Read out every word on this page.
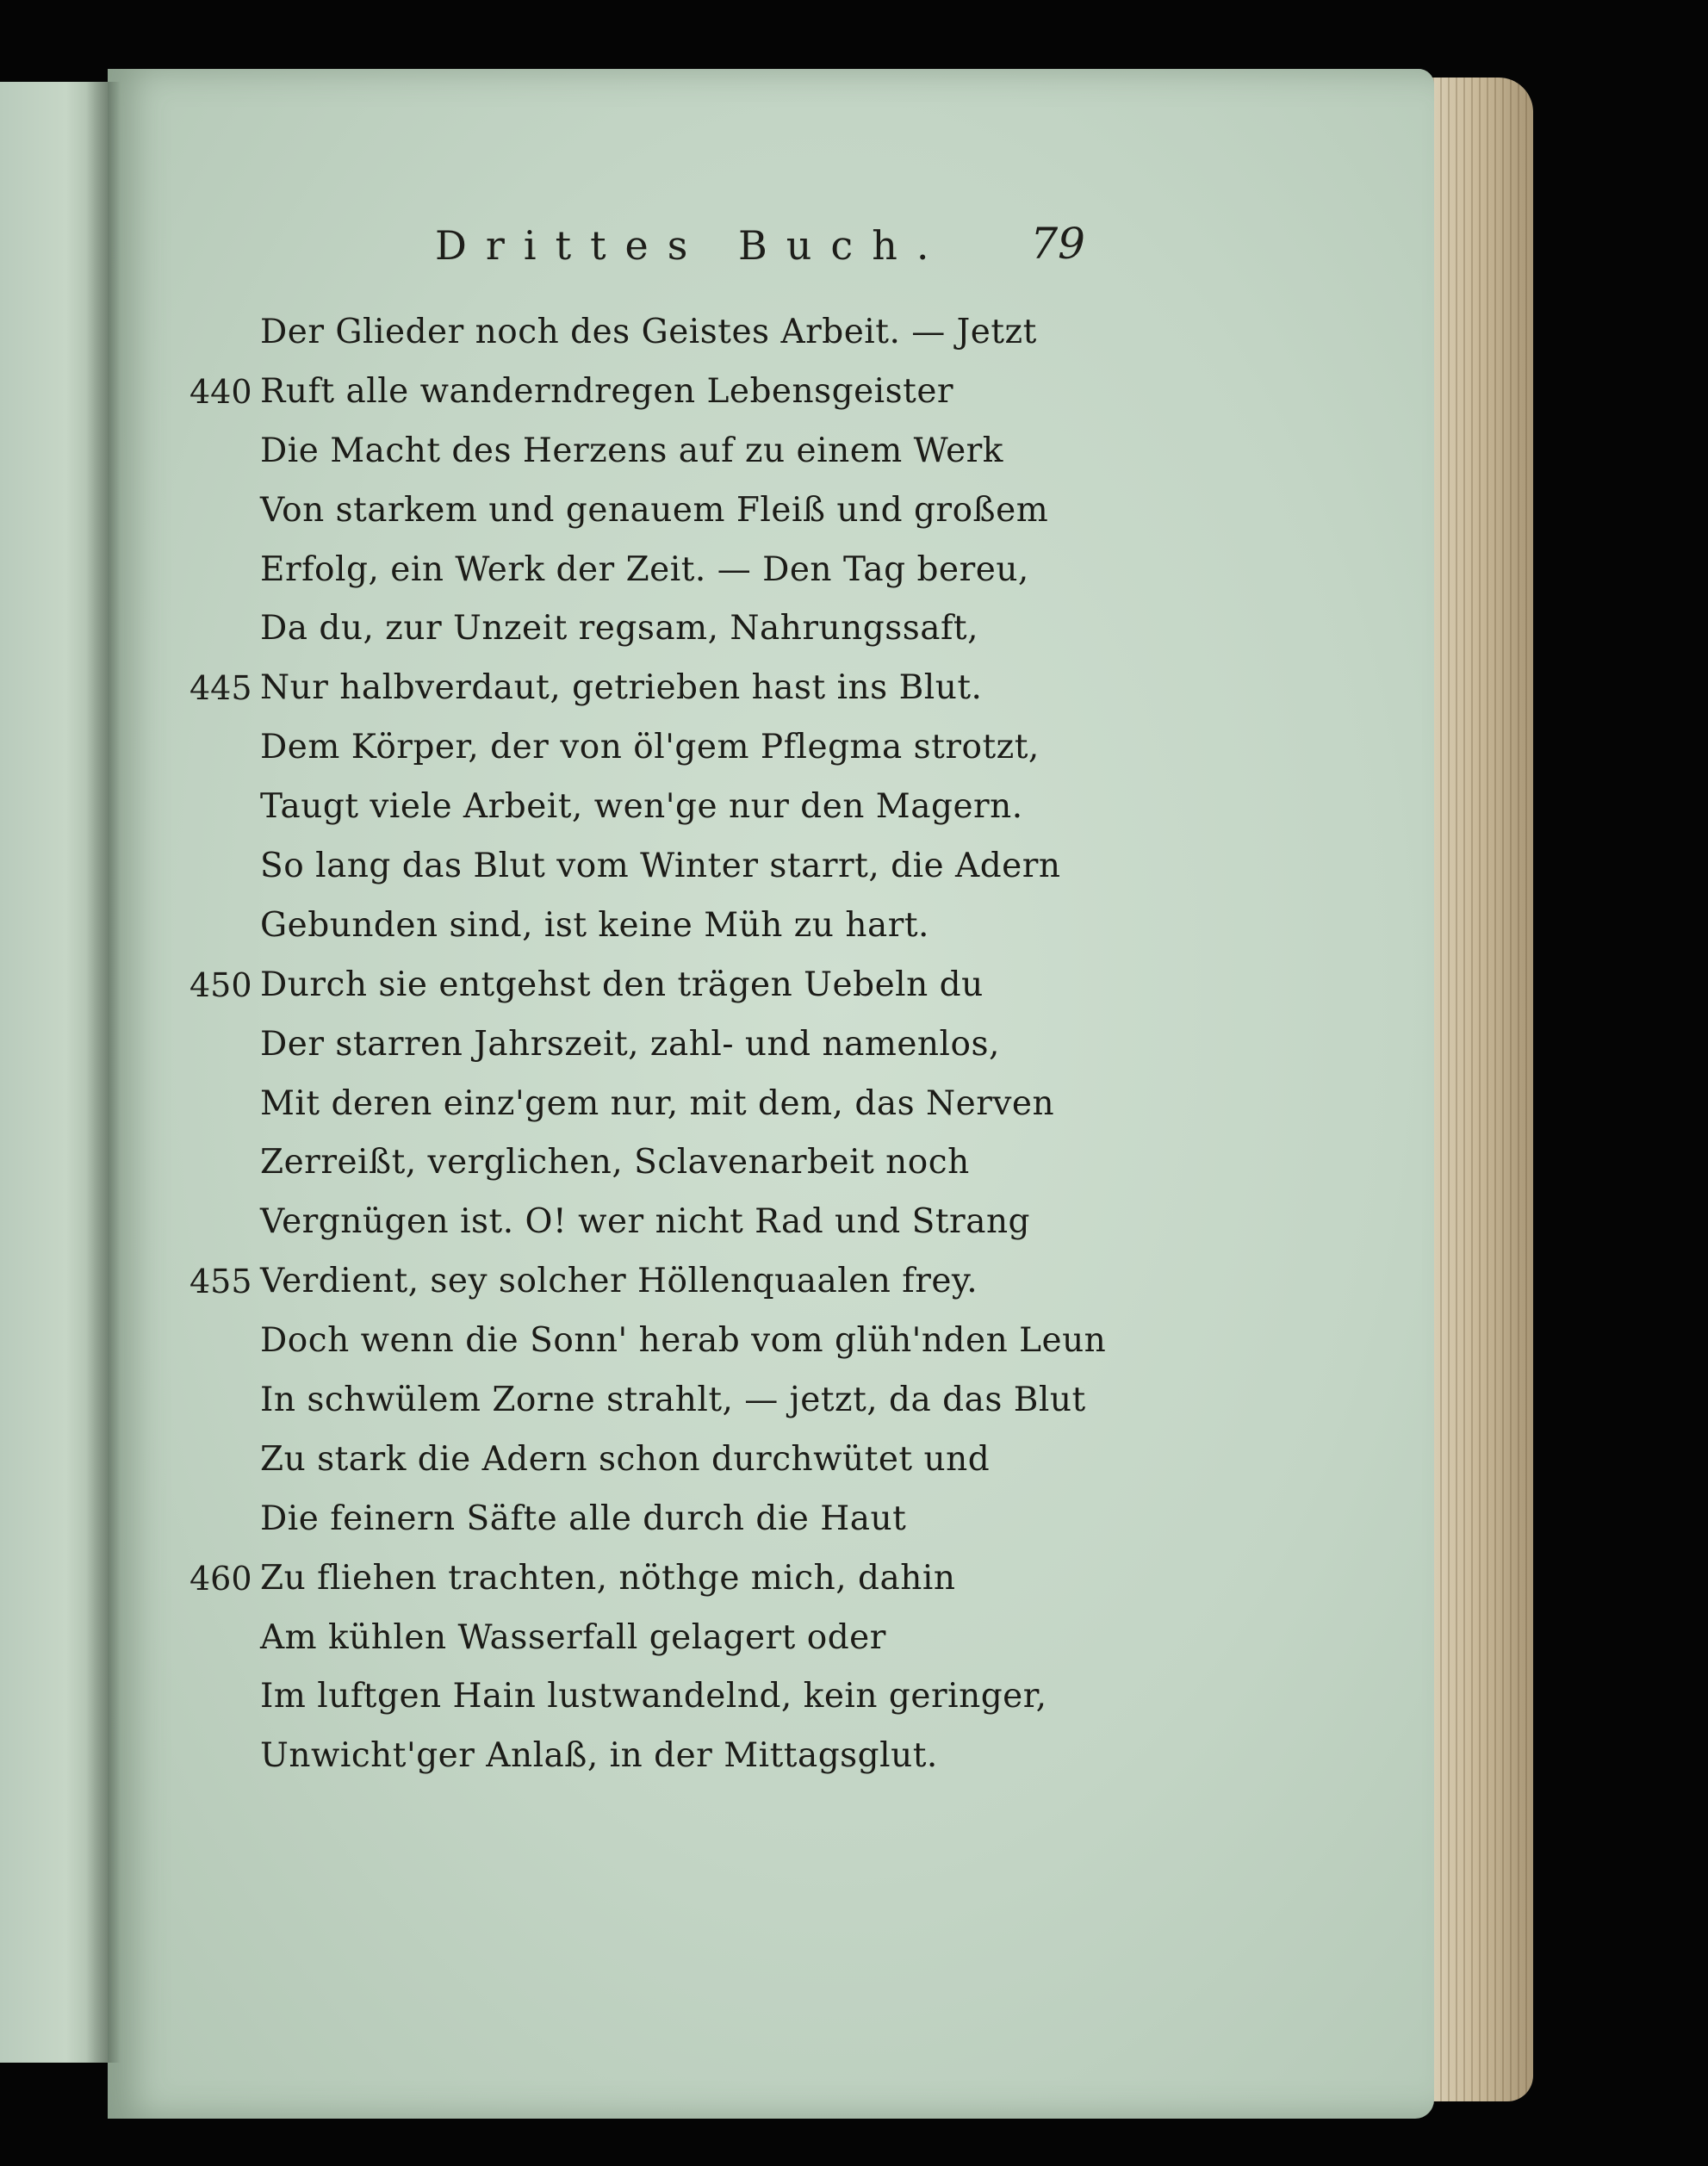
Drittes Buch. 79
Der Glieder noch des Geistes Arbeit. — Jetzt
440 Ruft alle wanderndregen Lebensgeister
Die Macht des Herzens auf zu einem Werk
Von starkem und genauem Fleiß und großem
Erfolg, ein Werk der Zeit. — Den Tag bereu,
Da du, zur Unzeit regsam, Nahrungssaft,
445 Nur halbverdaut, getrieben hast ins Blut.
Dem Körper, der von öl'gem Pflegma strotzt,
Taugt viele Arbeit, wen'ge nur den Magern.
So lang das Blut vom Winter starrt, die Adern
Gebunden sind, ist keine Müh zu hart.
450 Durch sie entgehst den trägen Uebeln du
Der starren Jahrszeit, zahl- und namenlos,
Mit deren einz'gem nur, mit dem, das Nerven
Zerreißt, verglichen, Sclavenarbeit noch
Vergnügen ist. O! wer nicht Rad und Strang
455 Verdient, sey solcher Höllenquaalen frey.
Doch wenn die Sonn' herab vom glüh'nden Leun
In schwülem Zorne strahlt, — jetzt, da das Blut
Zu stark die Adern schon durchwütet und
Die feinern Säfte alle durch die Haut
460 Zu fliehen trachten, nöthge mich, dahin
Am kühlen Wasserfall gelagert oder
Im luftgen Hain lustwandelnd, kein geringer,
Unwicht'ger Anlaß, in der Mittagsglut.
